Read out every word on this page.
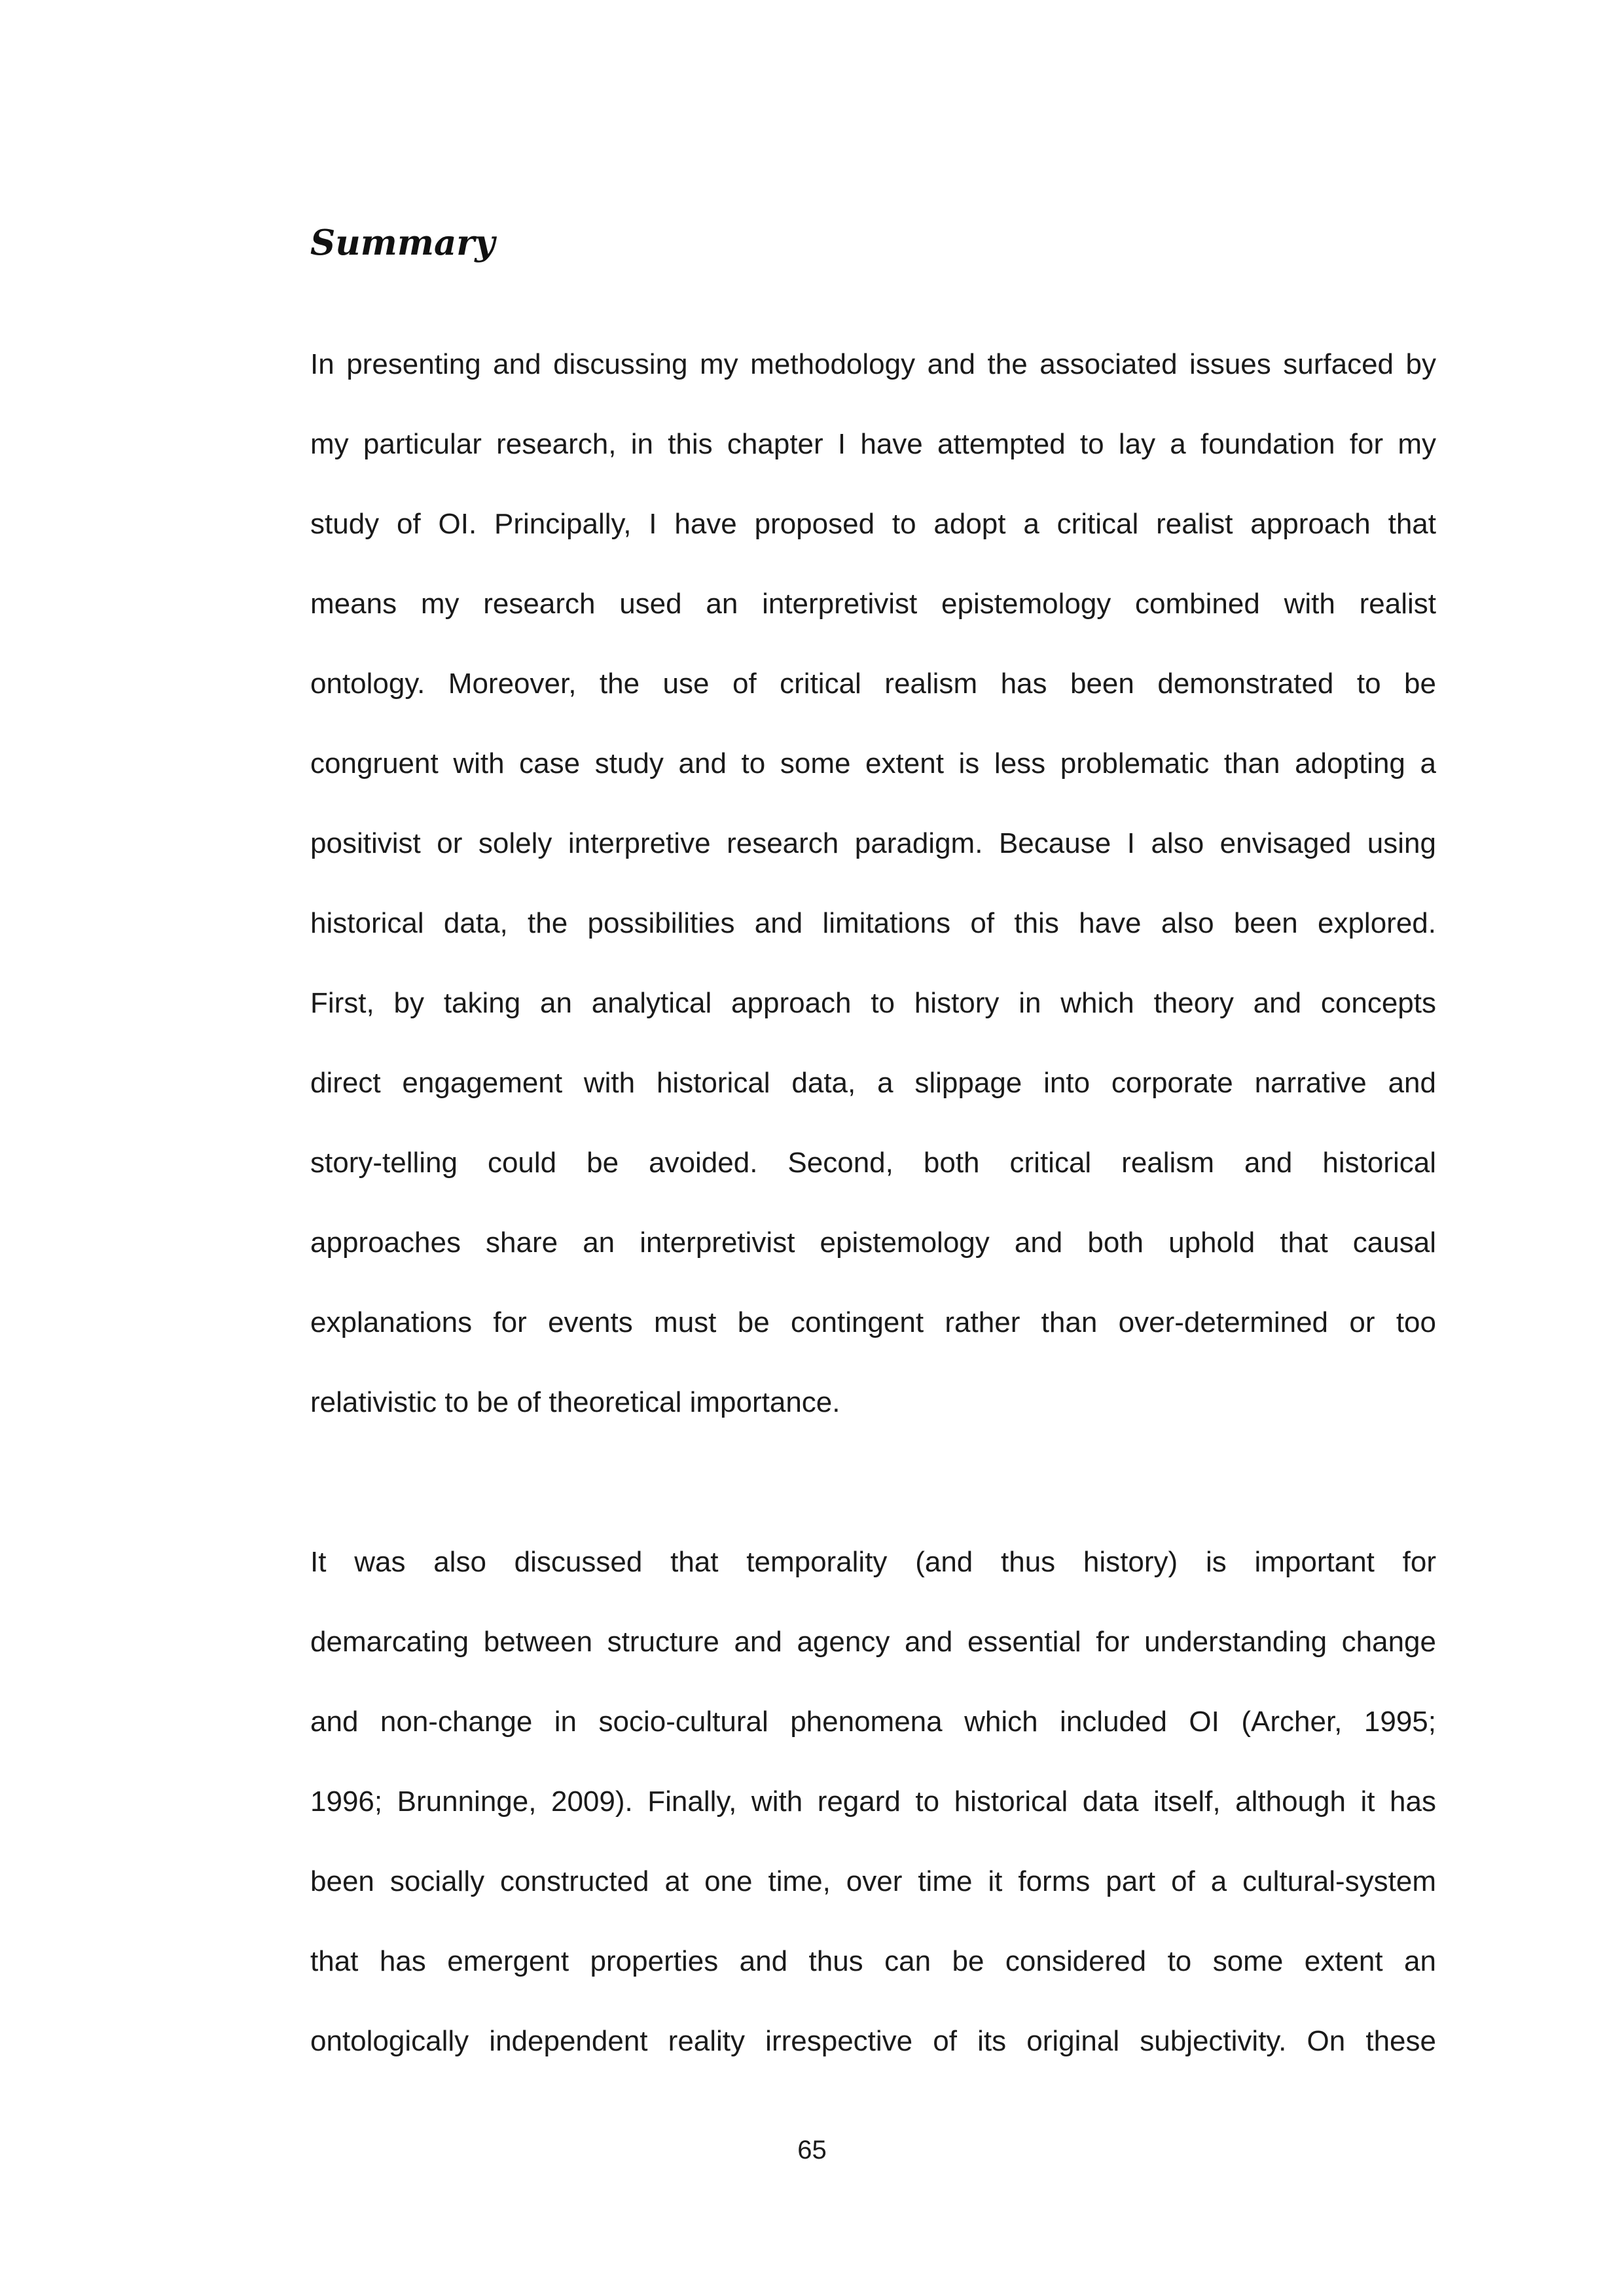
Summary
In presenting and discussing my methodology and the associated issues surfaced by
my particular research, in this chapter I have attempted to lay a foundation for my
study of OI. Principally, I have proposed to adopt a critical realist approach that
means my research used an interpretivist epistemology combined with realist
ontology. Moreover, the use of critical realism has been demonstrated to be
congruent with case study and to some extent is less problematic than adopting a
positivist or solely interpretive research paradigm. Because I also envisaged using
historical data, the possibilities and limitations of this have also been explored.
First, by taking an analytical approach to history in which theory and concepts
direct engagement with historical data, a slippage into corporate narrative and
story-telling could be avoided. Second, both critical realism and historical
approaches share an interpretivist epistemology and both uphold that causal
explanations for events must be contingent rather than over-determined or too
relativistic to be of theoretical importance.
It was also discussed that temporality (and thus history) is important for
demarcating between structure and agency and essential for understanding change
and non-change in socio-cultural phenomena which included OI (Archer, 1995;
1996; Brunninge, 2009). Finally, with regard to historical data itself, although it has
been socially constructed at one time, over time it forms part of a cultural-system
that has emergent properties and thus can be considered to some extent an
ontologically independent reality irrespective of its original subjectivity. On these
65
